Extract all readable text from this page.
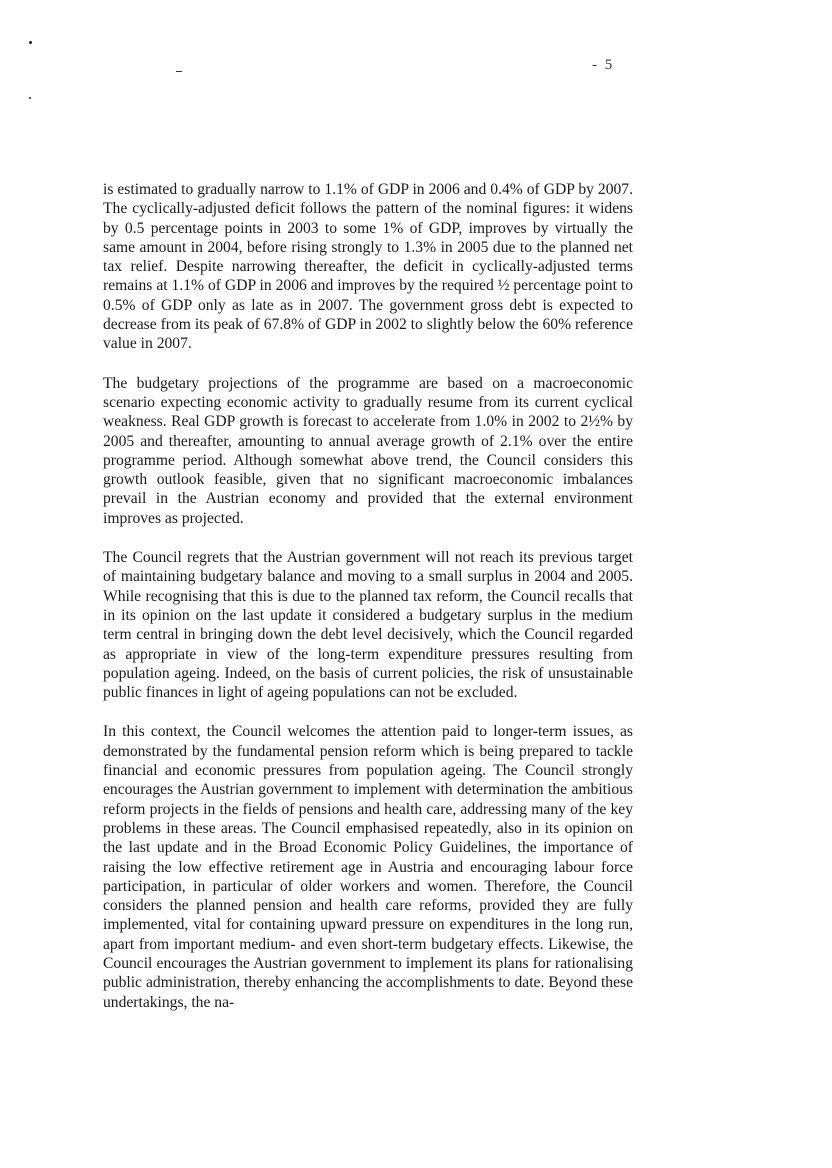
- 5

is estimated to gradually narrow to 1.1% of GDP in 2006 and 0.4% of GDP by 2007. The cyclically-adjusted deficit follows the pattern of the nominal figures: it widens by 0.5 percentage points in 2003 to some 1% of GDP, improves by virtually the same amount in 2004, before rising strongly to 1.3% in 2005 due to the planned net tax relief. Despite narrowing thereafter, the deficit in cyclically-adjusted terms remains at 1.1% of GDP in 2006 and improves by the required ½ percentage point to 0.5% of GDP only as late as in 2007. The government gross debt is expected to decrease from its peak of 67.8% of GDP in 2002 to slightly below the 60% reference value in 2007.

The budgetary projections of the programme are based on a macroeconomic scenario expecting economic activity to gradually resume from its current cyclical weakness. Real GDP growth is forecast to accelerate from 1.0% in 2002 to 2½% by 2005 and thereafter, amounting to annual average growth of 2.1% over the entire programme period. Although somewhat above trend, the Council considers this growth outlook feasible, given that no significant macroeconomic imbalances prevail in the Austrian economy and provided that the external environment improves as projected.

The Council regrets that the Austrian government will not reach its previous target of maintaining budgetary balance and moving to a small surplus in 2004 and 2005. While recognising that this is due to the planned tax reform, the Council recalls that in its opinion on the last update it considered a budgetary surplus in the medium term central in bringing down the debt level decisively, which the Council regarded as appropriate in view of the long-term expenditure pressures resulting from population ageing. Indeed, on the basis of current policies, the risk of unsustainable public finances in light of ageing populations can not be excluded.

In this context, the Council welcomes the attention paid to longer-term issues, as demonstrated by the fundamental pension reform which is being prepared to tackle financial and economic pressures from population ageing. The Council strongly encourages the Austrian government to implement with determination the ambitious reform projects in the fields of pensions and health care, addressing many of the key problems in these areas. The Council emphasised repeatedly, also in its opinion on the last update and in the Broad Economic Policy Guidelines, the importance of raising the low effective retirement age in Austria and encouraging labour force participation, in particular of older workers and women. Therefore, the Council considers the planned pension and health care reforms, provided they are fully implemented, vital for containing upward pressure on expenditures in the long run, apart from important medium- and even short-term budgetary effects. Likewise, the Council encourages the Austrian government to implement its plans for rationalising public administration, thereby enhancing the accomplishments to date. Beyond these undertakings, the na-
